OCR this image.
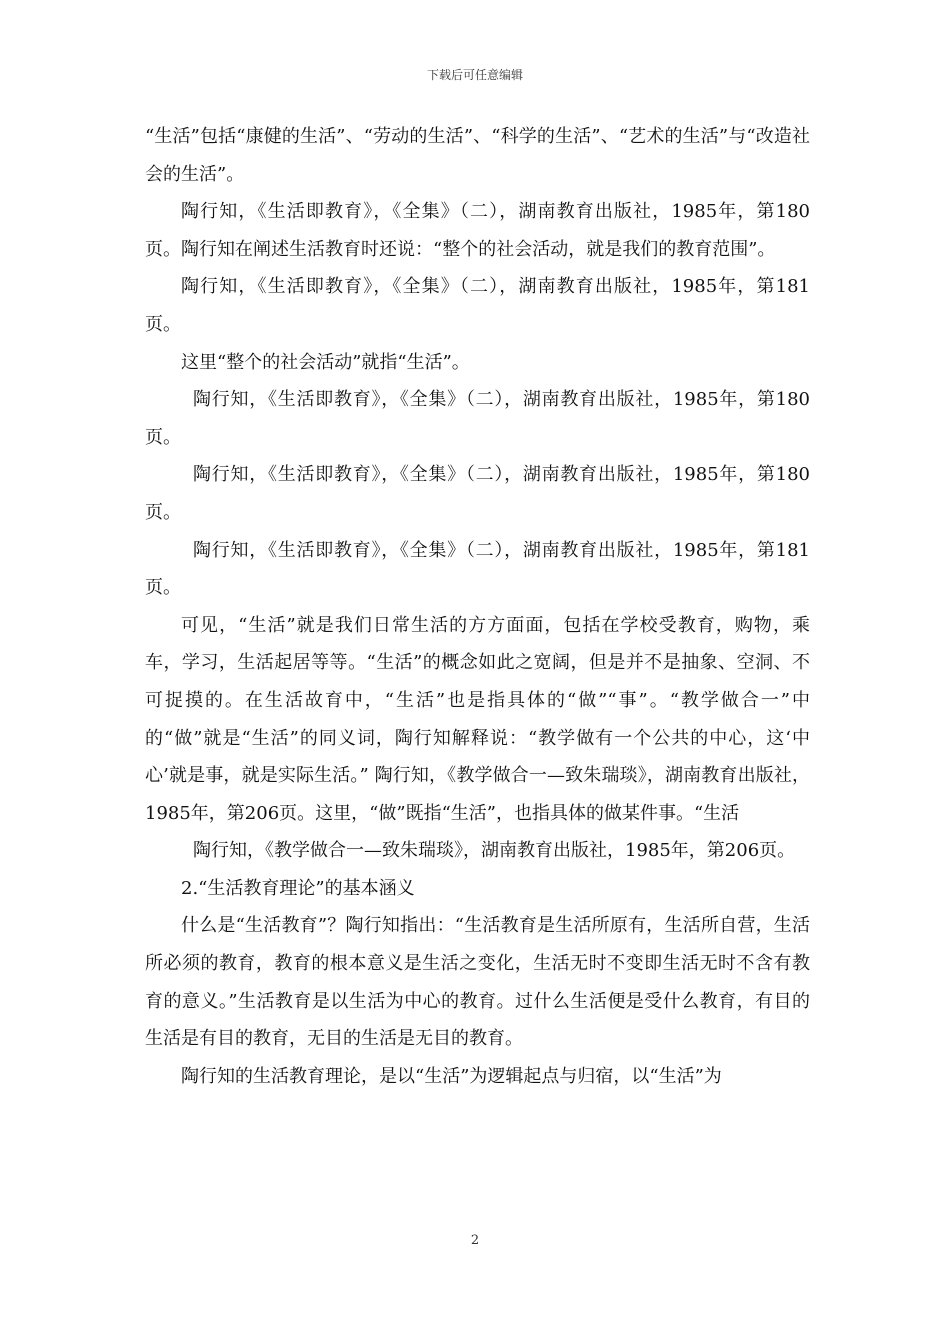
下载后可任意编辑

“生活”包括“康健的生活”、“劳动的生活”、“科学的生活”、“艺术的生活”与“改造社会的生活”。

陶行知，《生活即教育》，《全集》（二），湖南教育出版社，1985年，第180页。陶行知在阐述生活教育时还说：“整个的社会活动，就是我们的教育范围”。

陶行知，《生活即教育》，《全集》（二），湖南教育出版社，1985年，第181页。

这里“整个的社会活动”就指“生活”。

陶行知，《生活即教育》，《全集》（二），湖南教育出版社，1985年，第180页。

陶行知，《生活即教育》，《全集》（二），湖南教育出版社，1985年，第180页。

陶行知，《生活即教育》，《全集》（二），湖南教育出版社，1985年，第181页。

可见，“生活”就是我们日常生活的方方面面，包括在学校受教育，购物，乘车，学习，生活起居等等。“生活”的概念如此之宽阔，但是并不是抽象、空洞、不可捉摸的。在生活故育中，“生活”也是指具体的“做”“事”。“教学做合一”中的“做”就是“生活”的同义词，陶行知解释说：“教学做有一个公共的中心，这‘中心’就是事，就是实际生活。” 陶行知，《教学做合一—致朱瑞琰》，湖南教育出版社，1985年，第206页。这里，“做”既指“生活”，也指具体的做某件事。“生活

陶行知，《教学做合一—致朱瑞琰》，湖南教育出版社，1985年，第206页。

2.“生活教育理论”的基本涵义

什么是“生活教育”？陶行知指出：“生活教育是生活所原有，生活所自营，生活所必须的教育，教育的根本意义是生活之变化，生活无时不变即生活无时不含有教育的意义。”生活教育是以生活为中心的教育。过什么生活便是受什么教育，有目的生活是有目的教育，无目的生活是无目的教育。

陶行知的生活教育理论，是以“生活”为逻辑起点与归宿，以“生活”为

2
